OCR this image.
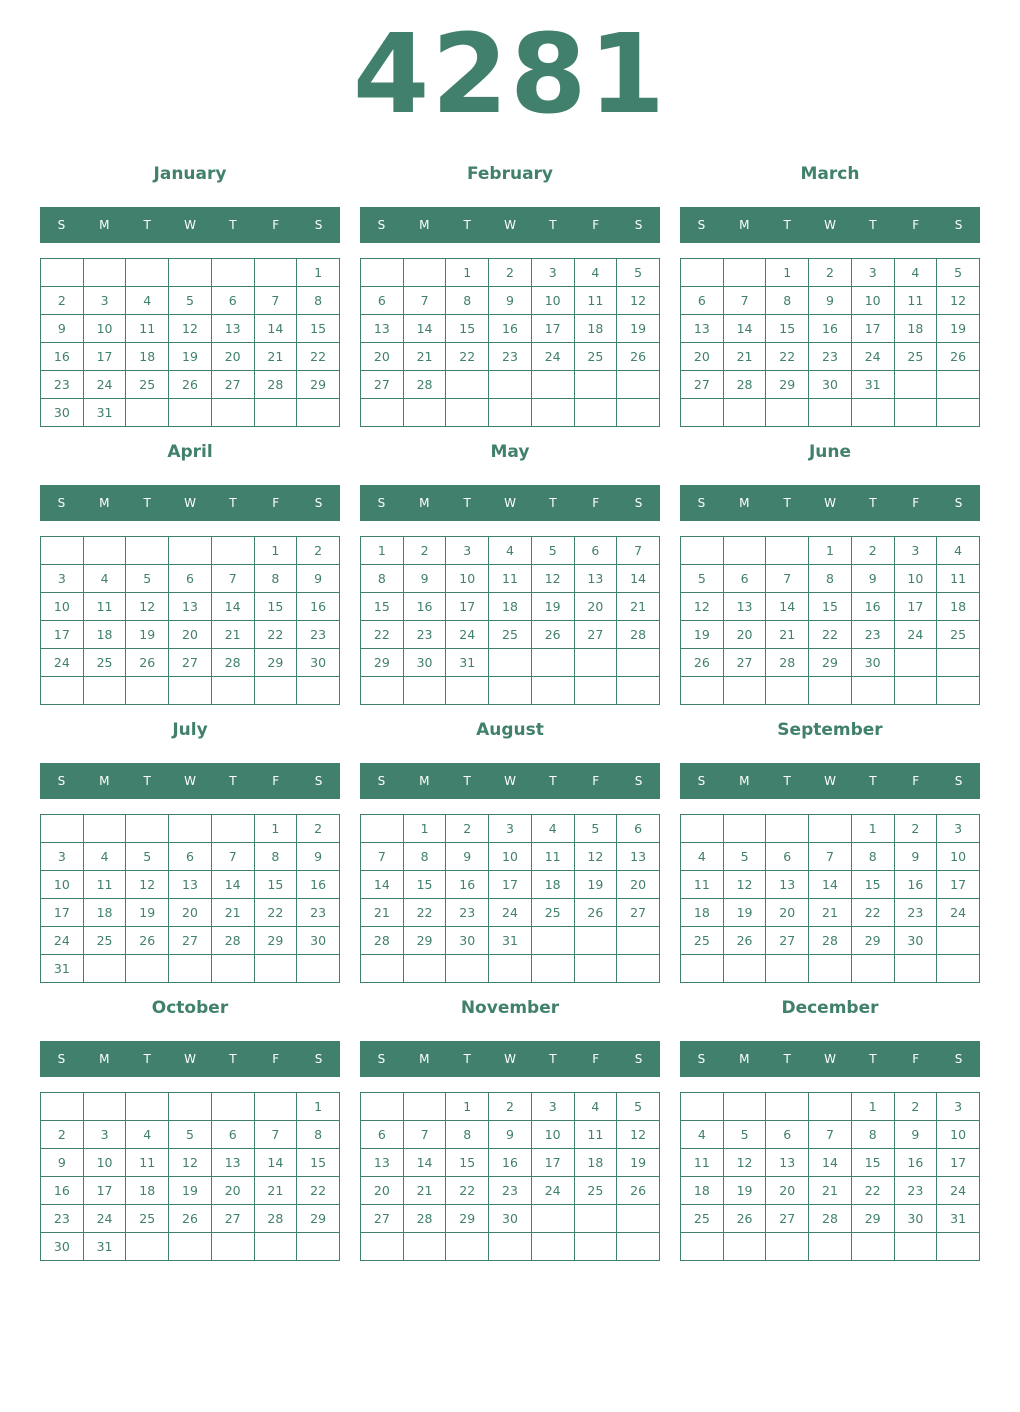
4281
January
S	M	T	W	T	F	S
						1
2	3	4	5	6	7	8
9	10	11	12	13	14	15
16	17	18	19	20	21	22
23	24	25	26	27	28	29
30	31					
February
S	M	T	W	T	F	S
		1	2	3	4	5
6	7	8	9	10	11	12
13	14	15	16	17	18	19
20	21	22	23	24	25	26
27	28					

March
S	M	T	W	T	F	S
		1	2	3	4	5
6	7	8	9	10	11	12
13	14	15	16	17	18	19
20	21	22	23	24	25	26
27	28	29	30	31		

April
S	M	T	W	T	F	S
					1	2
3	4	5	6	7	8	9
10	11	12	13	14	15	16
17	18	19	20	21	22	23
24	25	26	27	28	29	30

May
S	M	T	W	T	F	S
1	2	3	4	5	6	7
8	9	10	11	12	13	14
15	16	17	18	19	20	21
22	23	24	25	26	27	28
29	30	31				

June
S	M	T	W	T	F	S
			1	2	3	4
5	6	7	8	9	10	11
12	13	14	15	16	17	18
19	20	21	22	23	24	25
26	27	28	29	30		

July
S	M	T	W	T	F	S
					1	2
3	4	5	6	7	8	9
10	11	12	13	14	15	16
17	18	19	20	21	22	23
24	25	26	27	28	29	30
31						
August
S	M	T	W	T	F	S
	1	2	3	4	5	6
7	8	9	10	11	12	13
14	15	16	17	18	19	20
21	22	23	24	25	26	27
28	29	30	31			

September
S	M	T	W	T	F	S
				1	2	3
4	5	6	7	8	9	10
11	12	13	14	15	16	17
18	19	20	21	22	23	24
25	26	27	28	29	30	

October
S	M	T	W	T	F	S
						1
2	3	4	5	6	7	8
9	10	11	12	13	14	15
16	17	18	19	20	21	22
23	24	25	26	27	28	29
30	31					
November
S	M	T	W	T	F	S
		1	2	3	4	5
6	7	8	9	10	11	12
13	14	15	16	17	18	19
20	21	22	23	24	25	26
27	28	29	30			

December
S	M	T	W	T	F	S
				1	2	3
4	5	6	7	8	9	10
11	12	13	14	15	16	17
18	19	20	21	22	23	24
25	26	27	28	29	30	31
